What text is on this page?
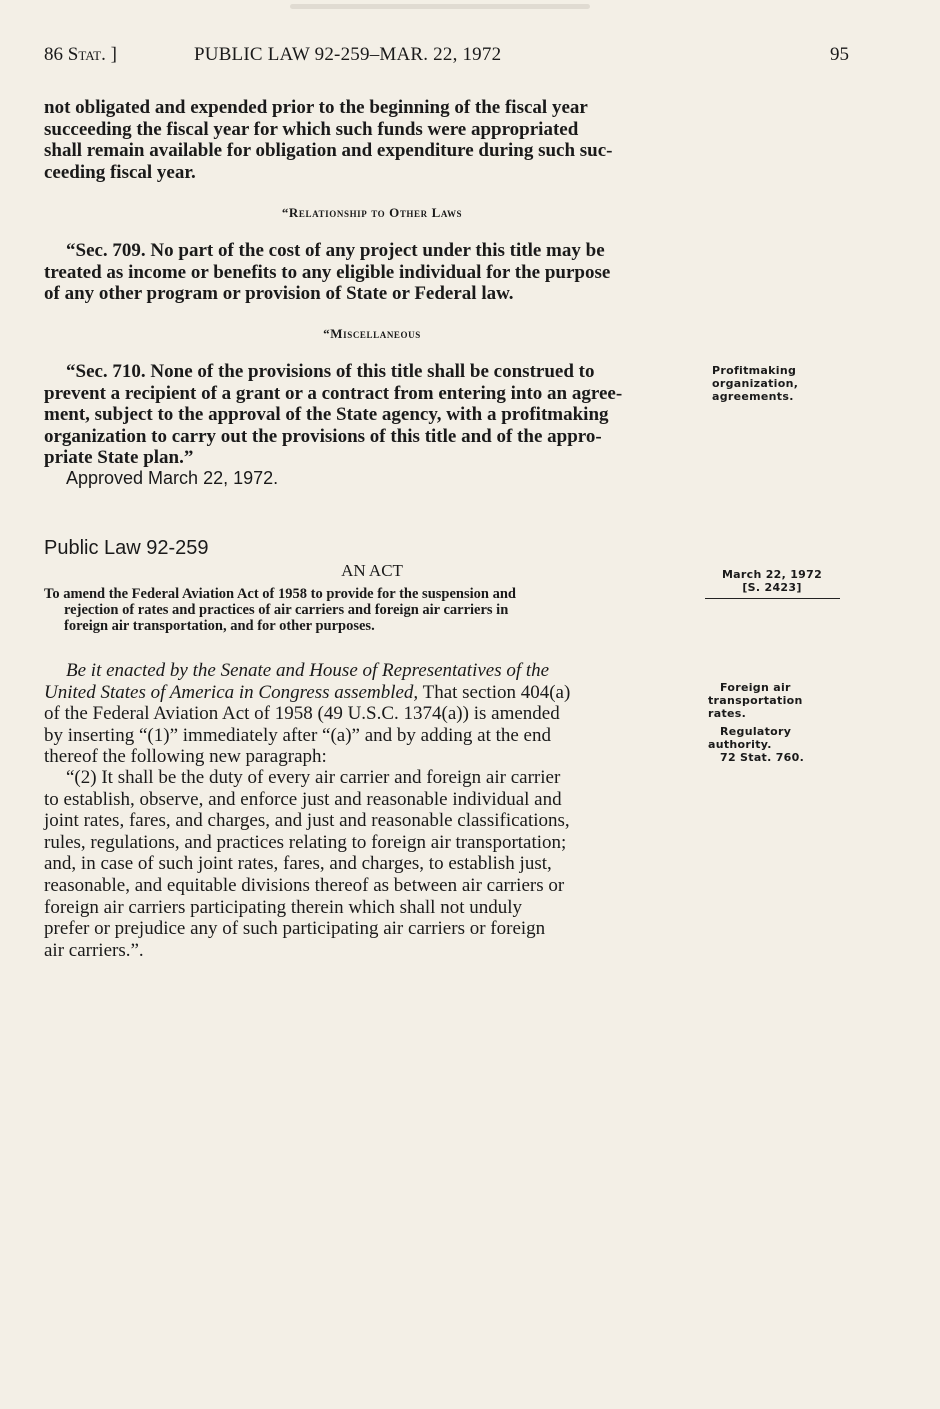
86 Stat. ]	PUBLIC LAW 92-259–MAR. 22, 1972	95

not obligated and expended prior to the beginning of the fiscal year

succeeding the fiscal year for which such funds were appropriated

shall remain available for obligation and expenditure during such suc-

ceeding fiscal year.

“Relationship to Other Laws

“Sec. 709. No part of the cost of any project under this title may be

treated as income or benefits to any eligible individual for the purpose

of any other program or provision of State or Federal law.

“Miscellaneous

“Sec. 710. None of the provisions of this title shall be construed to

prevent a recipient of a grant or a contract from entering into an agree-

ment, subject to the approval of the State agency, with a profitmaking

organization to carry out the provisions of this title and of the appro-

priate State plan.”

Approved March 22, 1972.
Public Law 92-259
AN ACT
To amend the Federal Aviation Act of 1958 to provide for the suspension and
rejection of rates and practices of air carriers and foreign air carriers in
foreign air transportation, and for other purposes.

Be it enacted by the Senate and House of Representatives of the

United States of America in Congress assembled, That section 404(a)

of the Federal Aviation Act of 1958 (49 U.S.C. 1374(a)) is amended

by inserting “(1)” immediately after “(a)” and by adding at the end

thereof the following new paragraph:

“(2) It shall be the duty of every air carrier and foreign air carrier

to establish, observe, and enforce just and reasonable individual and

joint rates, fares, and charges, and just and reasonable classifications,

rules, regulations, and practices relating to foreign air transportation;

and, in case of such joint rates, fares, and charges, to establish just,

reasonable, and equitable divisions thereof as between air carriers or

foreign air carriers participating therein which shall not unduly

prefer or prejudice any of such participating air carriers or foreign

air carriers.”.

Profitmaking
organization,
agreements.
March 22, 1972
[S. 2423]
Foreign air
transportation
rates.
Regulatory
authority.
72 Stat. 760.
